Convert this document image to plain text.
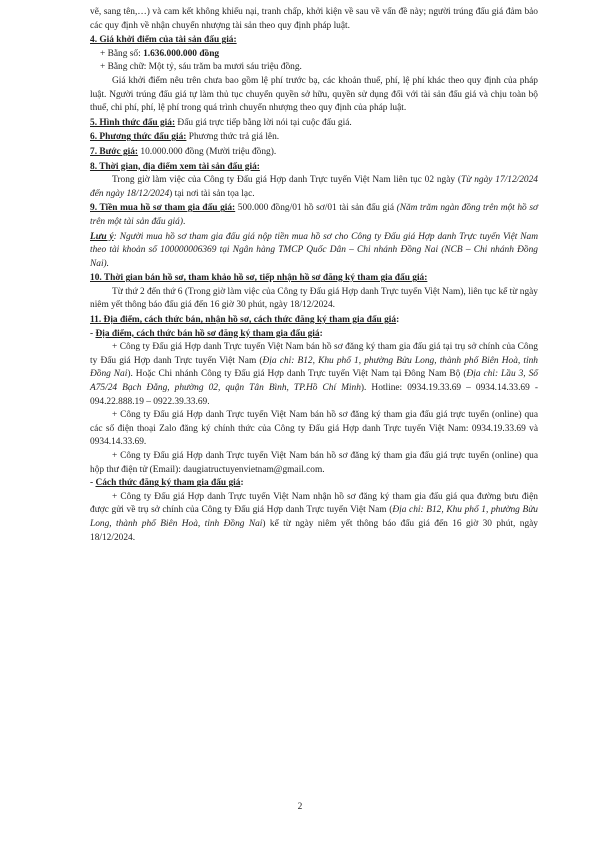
vẽ, sang tên,…) và cam kết không khiếu nại, tranh chấp, khởi kiện về sau về vấn đề này; người trúng đấu giá đảm bảo các quy định về nhận chuyển nhượng tài sản theo quy định pháp luật.

4. Giá khởi điểm của tài sản đấu giá:

+ Bằng số: 1.636.000.000 đồng

+ Bằng chữ: Một tỷ, sáu trăm ba mươi sáu triệu đồng.

Giá khởi điểm nêu trên chưa bao gồm lệ phí trước bạ, các khoản thuế, phí, lệ phí khác theo quy định của pháp luật. Người trúng đấu giá tự làm thủ tục chuyển quyền sở hữu, quyền sử dụng đối với tài sản đấu giá và chịu toàn bộ thuế, chi phí, phí, lệ phí trong quá trình chuyển nhượng theo quy định của pháp luật.

5. Hình thức đấu giá: Đấu giá trực tiếp bằng lời nói tại cuộc đấu giá.

6. Phương thức đấu giá: Phương thức trả giá lên.

7. Bước giá: 10.000.000 đồng (Mười triệu đồng).

8. Thời gian, địa điểm xem tài sản đấu giá:

Trong giờ làm việc của Công ty Đấu giá Hợp danh Trực tuyến Việt Nam liên tục 02 ngày (Từ ngày 17/12/2024 đến ngày 18/12/2024) tại nơi tài sản tọa lạc.

9. Tiền mua hồ sơ tham gia đấu giá: 500.000 đồng/01 hồ sơ/01 tài sản đấu giá (Năm trăm ngàn đồng trên một hồ sơ trên một tài sản đấu giá).

Lưu ý: Người mua hồ sơ tham gia đấu giá nộp tiền mua hồ sơ cho Công ty Đấu giá Hợp danh Trực tuyến Việt Nam theo tài khoản số 100000006369 tại Ngân hàng TMCP Quốc Dân – Chi nhánh Đồng Nai (NCB – Chi nhánh Đồng Nai).

10. Thời gian bán hồ sơ, tham khảo hồ sơ, tiếp nhận hồ sơ đăng ký tham gia đấu giá:

Từ thứ 2 đến thứ 6 (Trong giờ làm việc của Công ty Đấu giá Hợp danh Trực tuyến Việt Nam), liên tục kể từ ngày niêm yết thông báo đấu giá đến 16 giờ 30 phút, ngày 18/12/2024.

11. Địa điểm, cách thức bán, nhận hồ sơ, cách thức đăng ký tham gia đấu giá:

- Địa điểm, cách thức bán hồ sơ đăng ký tham gia đấu giá:

+ Công ty Đấu giá Hợp danh Trực tuyến Việt Nam bán hồ sơ đăng ký tham gia đấu giá tại trụ sở chính của Công ty Đấu giá Hợp danh Trực tuyến Việt Nam (Địa chỉ: B12, Khu phố 1, phường Bửu Long, thành phố Biên Hoà, tỉnh Đồng Nai). Hoặc Chi nhánh Công ty Đấu giá Hợp danh Trực tuyến Việt Nam tại Đông Nam Bộ (Địa chỉ: Lầu 3, Số A75/24 Bạch Đằng, phường 02, quận Tân Bình, TP.Hồ Chí Minh). Hotline: 0934.19.33.69 – 0934.14.33.69 - 094.22.888.19 – 0922.39.33.69.

+ Công ty Đấu giá Hợp danh Trực tuyến Việt Nam bán hồ sơ đăng ký tham gia đấu giá trực tuyến (online) qua các số điện thoại Zalo đăng ký chính thức của Công ty Đấu giá Hợp danh Trực tuyến Việt Nam: 0934.19.33.69 và 0934.14.33.69.

+ Công ty Đấu giá Hợp danh Trực tuyến Việt Nam bán hồ sơ đăng ký tham gia đấu giá trực tuyến (online) qua hộp thư điện tử (Email): daugiatructuyenvietnam@gmail.com.

- Cách thức đăng ký tham gia đấu giá:

+ Công ty Đấu giá Hợp danh Trực tuyến Việt Nam nhận hồ sơ đăng ký tham gia đấu giá qua đường bưu điện được gửi về trụ sở chính của Công ty Đấu giá Hợp danh Trực tuyến Việt Nam (Địa chỉ: B12, Khu phố 1, phường Bửu Long, thành phố Biên Hoà, tỉnh Đồng Nai) kể từ ngày niêm yết thông báo đấu giá đến 16 giờ 30 phút, ngày 18/12/2024.

2
